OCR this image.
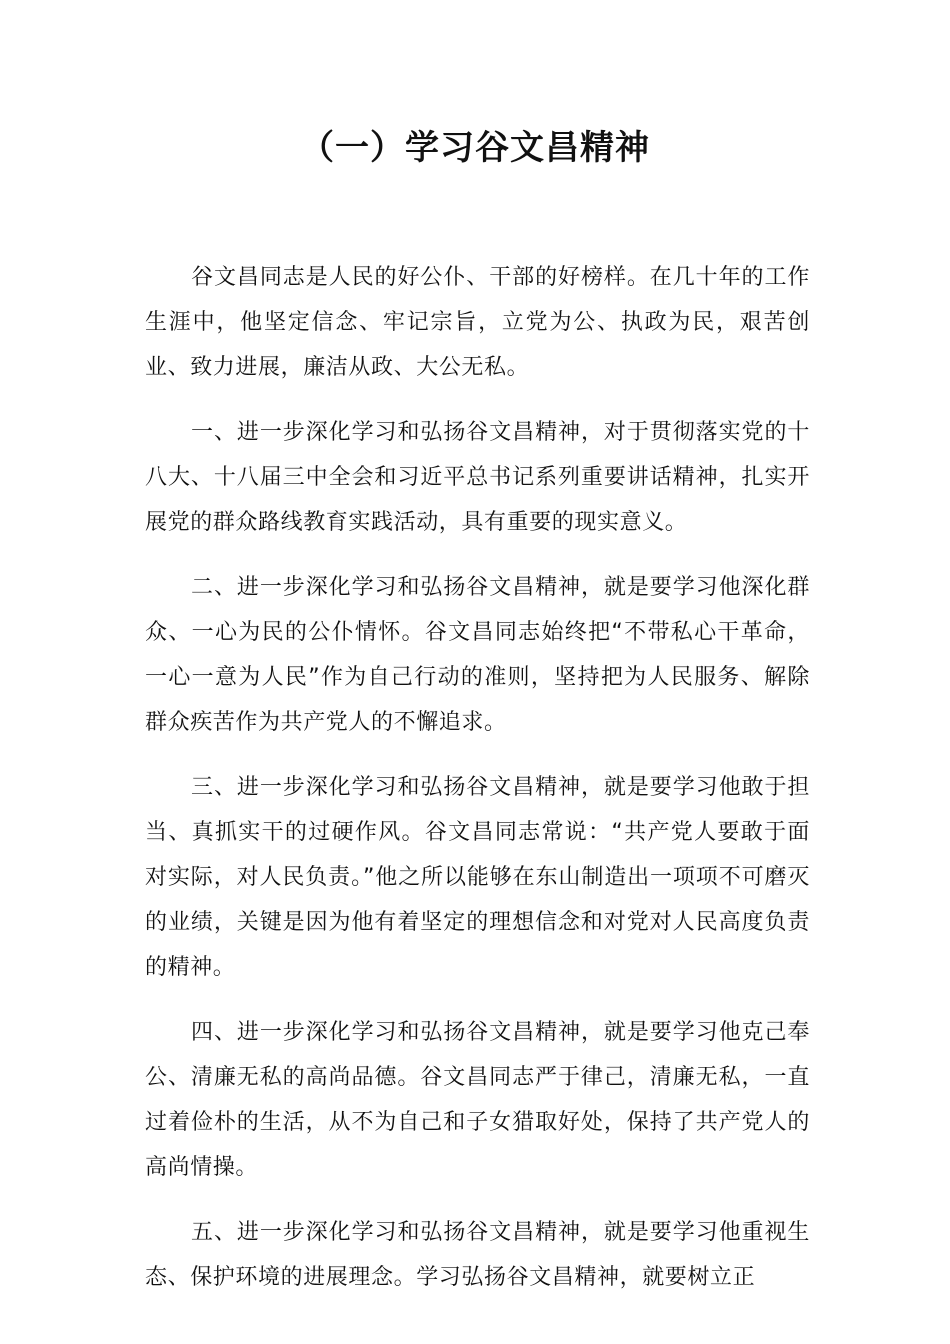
（一）学习谷文昌精神

谷文昌同志是人民的好公仆、干部的好榜样。在几十年的工作生涯中，他坚定信念、牢记宗旨，立党为公、执政为民，艰苦创业、致力进展，廉洁从政、大公无私。

一、进一步深化学习和弘扬谷文昌精神，对于贯彻落实党的十八大、十八届三中全会和习近平总书记系列重要讲话精神，扎实开展党的群众路线教育实践活动，具有重要的现实意义。

二、进一步深化学习和弘扬谷文昌精神，就是要学习他深化群众、一心为民的公仆情怀。谷文昌同志始终把“不带私心干革命，一心一意为人民”作为自己行动的准则，坚持把为人民服务、解除群众疾苦作为共产党人的不懈追求。

三、进一步深化学习和弘扬谷文昌精神，就是要学习他敢于担当、真抓实干的过硬作风。谷文昌同志常说：“共产党人要敢于面对实际，对人民负责。”他之所以能够在东山制造出一项项不可磨灭的业绩，关键是因为他有着坚定的理想信念和对党对人民高度负责的精神。

四、进一步深化学习和弘扬谷文昌精神，就是要学习他克己奉公、清廉无私的高尚品德。谷文昌同志严于律己，清廉无私，一直过着俭朴的生活，从不为自己和子女猎取好处，保持了共产党人的高尚情操。

五、进一步深化学习和弘扬谷文昌精神，就是要学习他重视生态、保护环境的进展理念。学习弘扬谷文昌精神，就要树立正
